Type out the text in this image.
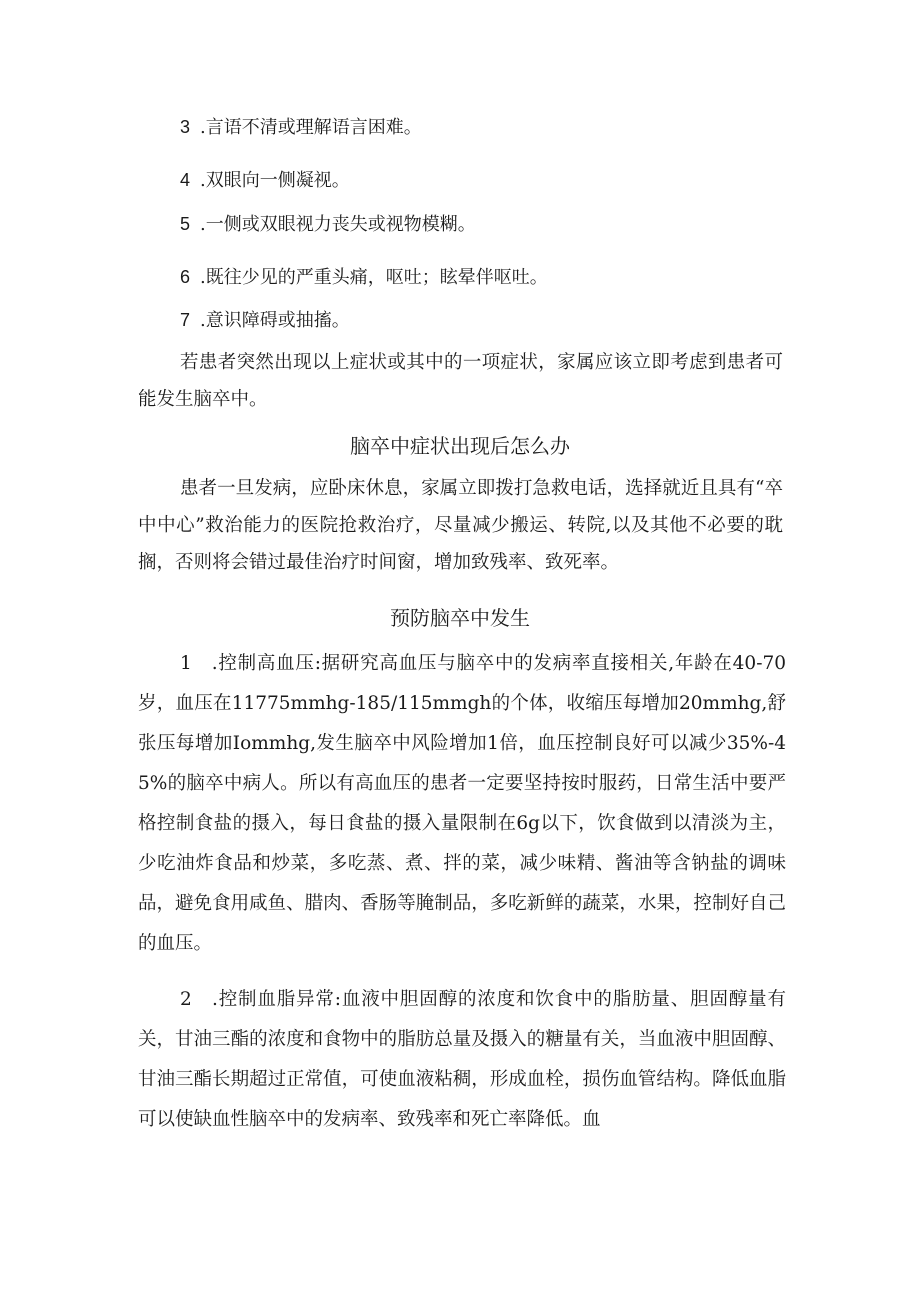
3 .言语不清或理解语言困难。
4 .双眼向一侧凝视。
5 .一侧或双眼视力丧失或视物模糊。
6 .既往少见的严重头痛，呕吐；眩晕伴呕吐。
7 .意识障碍或抽搐。
若患者突然出现以上症状或其中的一项症状，家属应该立即考虑到患者可能发生脑卒中。
脑卒中症状出现后怎么办
患者一旦发病，应卧床休息，家属立即拨打急救电话，选择就近且具有“卒中中心”救治能力的医院抢救治疗，尽量减少搬运、转院,以及其他不必要的耽搁，否则将会错过最佳治疗时间窗，增加致残率、致死率。
预防脑卒中发生
1　.控制高血压:据研究高血压与脑卒中的发病率直接相关,年龄在40-70岁，血压在11775mmhg-185/115mmgh的个体，收缩压每增加20mmhg,舒张压每增加Iommhg,发生脑卒中风险增加1倍，血压控制良好可以减少35%-45%的脑卒中病人。所以有高血压的患者一定要坚持按时服药，日常生活中要严格控制食盐的摄入，每日食盐的摄入量限制在6g以下，饮食做到以清淡为主，少吃油炸食品和炒菜，多吃蒸、煮、拌的菜，减少味精、酱油等含钠盐的调味品，避免食用咸鱼、腊肉、香肠等腌制品，多吃新鲜的蔬菜，水果，控制好自己的血压。
2　.控制血脂异常:血液中胆固醇的浓度和饮食中的脂肪量、胆固醇量有关，甘油三酯的浓度和食物中的脂肪总量及摄入的糖量有关，当血液中胆固醇、甘油三酯长期超过正常值，可使血液粘稠，形成血栓，损伤血管结构。降低血脂可以使缺血性脑卒中的发病率、致残率和死亡率降低。血
